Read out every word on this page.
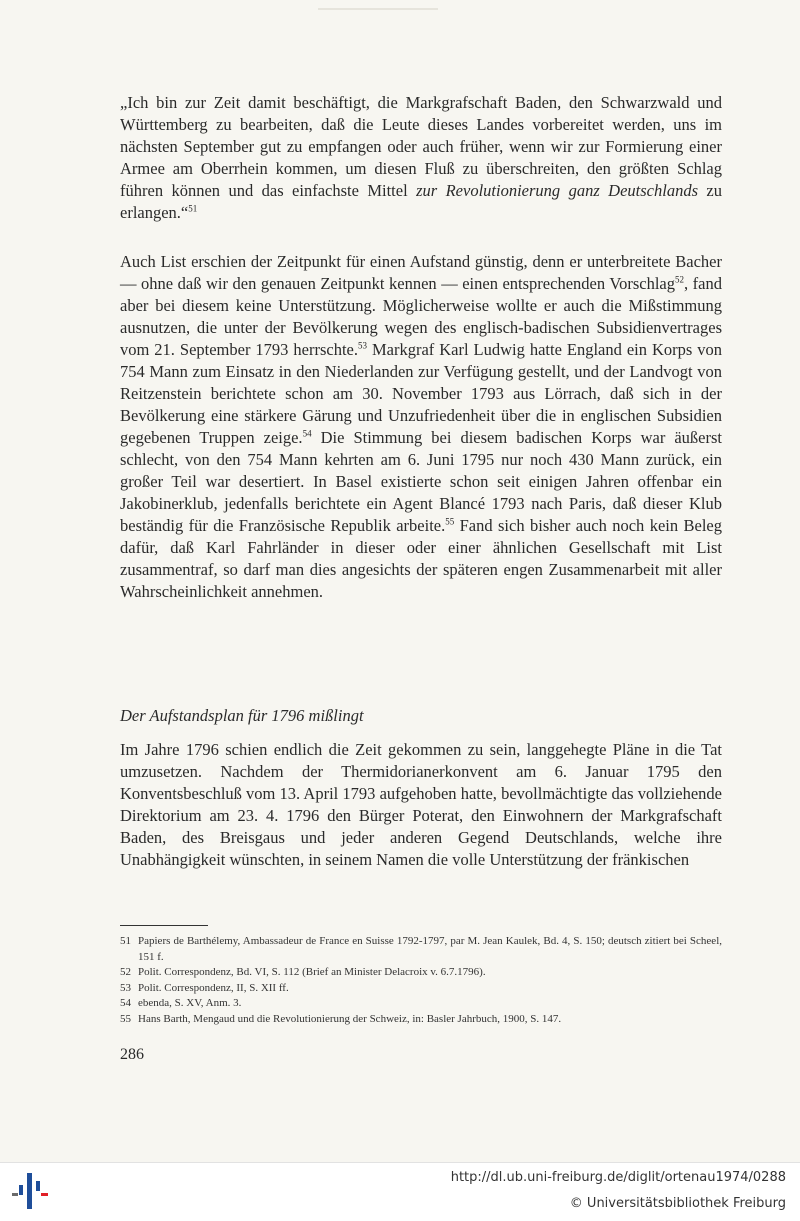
„Ich bin zur Zeit damit beschäftigt, die Markgrafschaft Baden, den Schwarzwald und Württemberg zu bearbeiten, daß die Leute dieses Landes vorbereitet werden, uns im nächsten September gut zu empfangen oder auch früher, wenn wir zur Formierung einer Armee am Oberrhein kommen, um diesen Fluß zu überschreiten, den größten Schlag führen können und das einfachste Mittel zur Revolutionierung ganz Deutschlands zu erlangen.“$^{51}$

Auch List erschien der Zeitpunkt für einen Aufstand günstig, denn er unterbreitete Bacher — ohne daß wir den genauen Zeitpunkt kennen — einen entsprechenden Vorschlag$^{52}$, fand aber bei diesem keine Unterstützung. Möglicherweise wollte er auch die Mißstimmung ausnutzen, die unter der Bevölkerung wegen des englisch-badischen Subsidienvertrages vom 21. September 1793 herrschte.$^{53}$ Markgraf Karl Ludwig hatte England ein Korps von 754 Mann zum Einsatz in den Niederlanden zur Verfügung gestellt, und der Landvogt von Reitzenstein berichtete schon am 30. November 1793 aus Lörrach, daß sich in der Bevölkerung eine stärkere Gärung und Unzufriedenheit über die in englischen Subsidien gegebenen Truppen zeige.$^{54}$ Die Stimmung bei diesem badischen Korps war äußerst schlecht, von den 754 Mann kehrten am 6. Juni 1795 nur noch 430 Mann zurück, ein großer Teil war desertiert. In Basel existierte schon seit einigen Jahren offenbar ein Jakobinerklub, jedenfalls berichtete ein Agent Blancé 1793 nach Paris, daß dieser Klub beständig für die Französische Republik arbeite.$^{55}$ Fand sich bisher auch noch kein Beleg dafür, daß Karl Fahrländer in dieser oder einer ähnlichen Gesellschaft mit List zusammentraf, so darf man dies angesichts der späteren engen Zusammenarbeit mit aller Wahrscheinlichkeit annehmen.

Der Aufstandsplan für 1796 mißlingt

Im Jahre 1796 schien endlich die Zeit gekommen zu sein, langgehegte Pläne in die Tat umzusetzen. Nachdem der Thermidorianerkonvent am 6. Januar 1795 den Konventsbeschluß vom 13. April 1793 aufgehoben hatte, bevollmächtigte das vollziehende Direktorium am 23. 4. 1796 den Bürger Poterat, den Einwohnern der Markgrafschaft Baden, des Breisgaus und jeder anderen Gegend Deutschlands, welche ihre Unabhängigkeit wünschten, in seinem Namen die volle Unterstützung der fränkischen

51 Papiers de Barthélemy, Ambassadeur de France en Suisse 1792-1797, par M. Jean Kaulek, Bd. 4, S. 150; deutsch zitiert bei Scheel, 151 f.

52 Polit. Correspondenz, Bd. VI, S. 112 (Brief an Minister Delacroix v. 6.7.1796).

53 Polit. Correspondenz, II, S. XII ff.

54 ebenda, S. XV, Anm. 3.

55 Hans Barth, Mengaud und die Revolutionierung der Schweiz, in: Basler Jahrbuch, 1900, S. 147.

286

http://dl.ub.uni-freiburg.de/diglit/ortenau1974/0288

© Universitätsbibliothek Freiburg
